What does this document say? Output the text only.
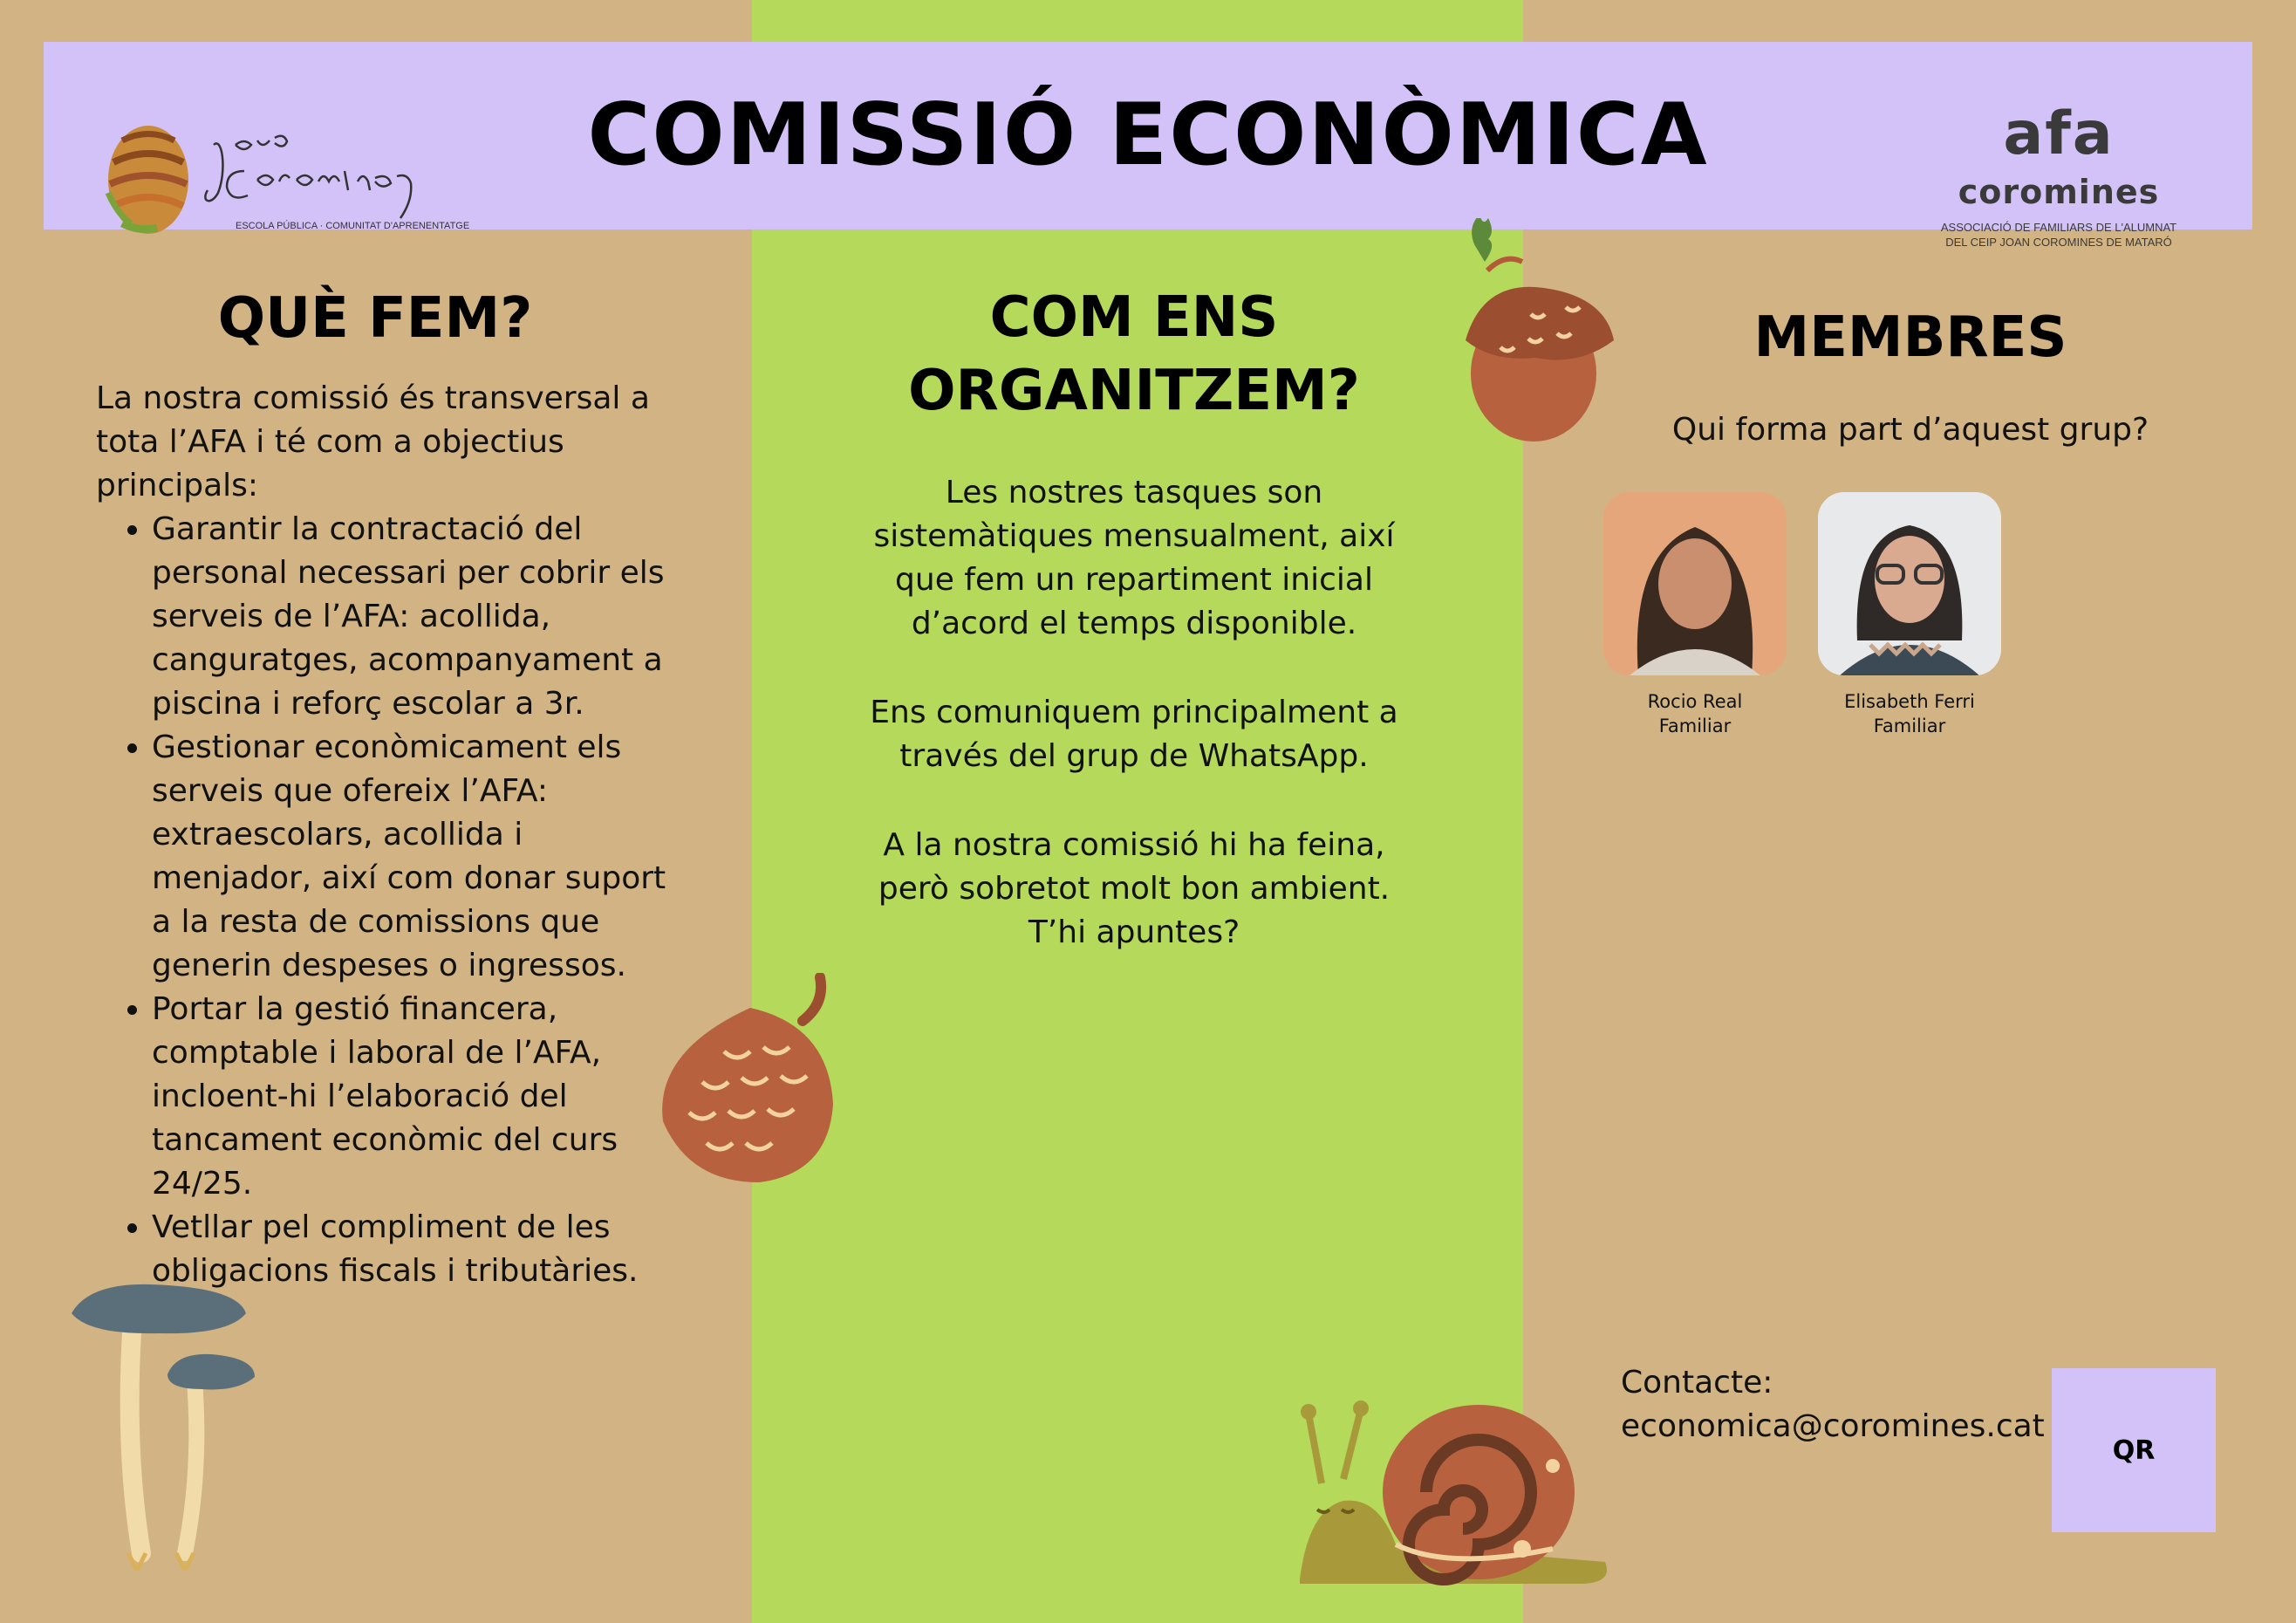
ESCOLA PÚBLICA · COMUNITAT D'APRENENTATGE
COMISSIÓ ECONÒMICA	afa
coromines
ASSOCIACIÓ DE FAMILIARS DE L'ALUMNAT
DEL CEIP JOAN COROMINES DE MATARÓ
QUÈ FEM?
La nostra comissió és transversal a tota l’AFA i té com a objectius principals:
• Garantir la contractació del personal necessari per cobrir els serveis de l’AFA: acollida, canguratges, acompanyament a piscina i reforç escolar a 3r.
• Gestionar econòmicament els serveis que ofereix l’AFA: extraescolars, acollida i menjador, així com donar suport a la resta de comissions que generin despeses o ingressos.
• Portar la gestió financera, comptable i laboral de l’AFA, incloent-hi l’elaboració del tancament econòmic del curs 24/25.
• Vetllar pel compliment de les obligacions fiscals i tributàries.
COM ENS
ORGANITZEM?

Les nostres tasques son sistemàtiques mensualment, així que fem un repartiment inicial d’acord el temps disponible.

Ens comuniquem principalment a través del grup de WhatsApp.

A la nostra comissió hi ha feina, però sobretot molt bon ambient. T’hi apuntes?

MEMBRES
Qui forma part d’aquest grup?
Rocio Real
Familiar
Elisabeth Ferri
Familiar
Contacte:
economica@coromines.cat
QR
